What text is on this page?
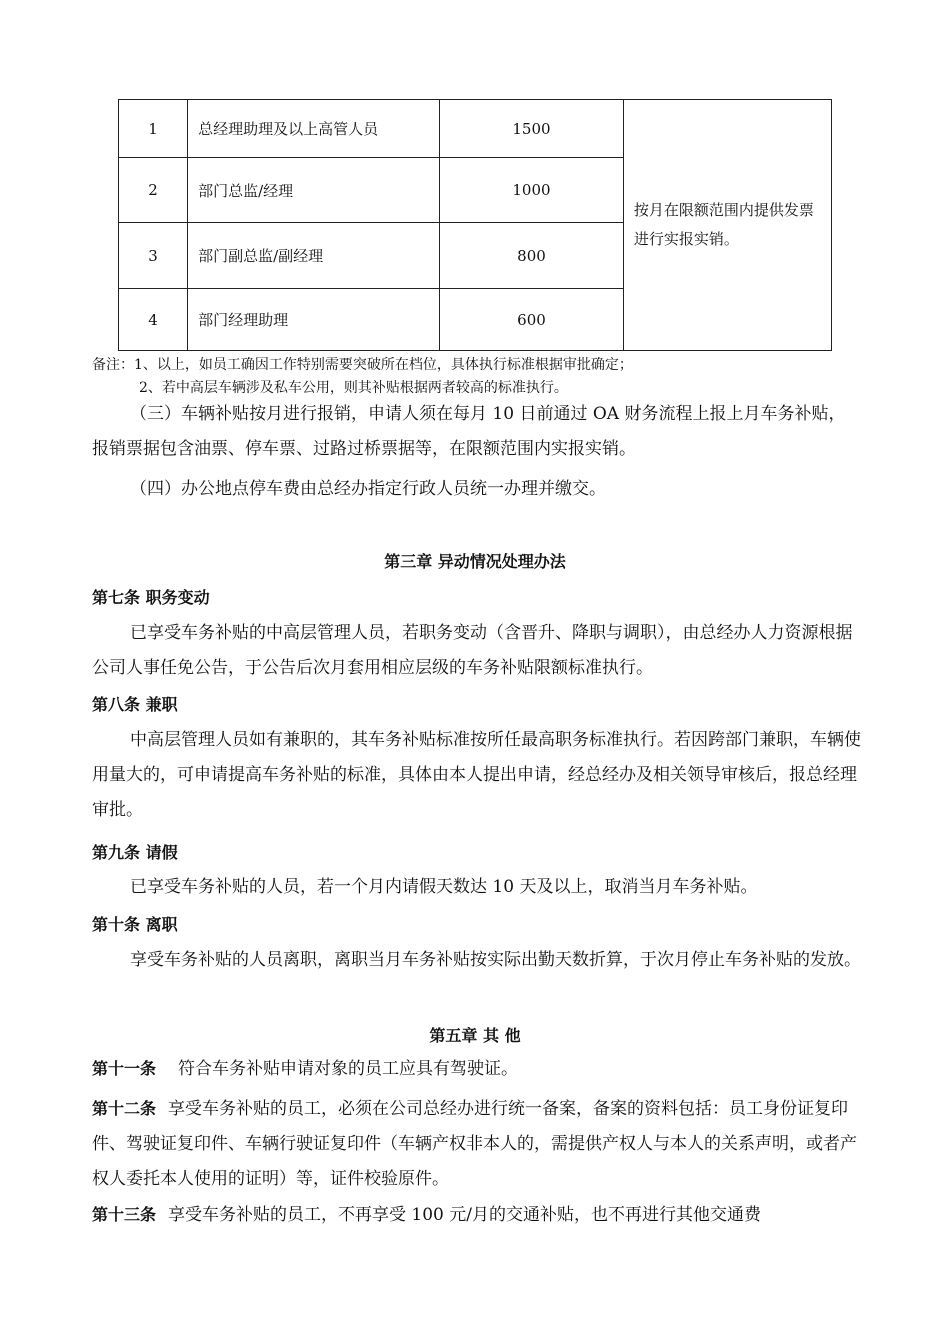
1	总经理助理及以上高管人员	1500	按月在限额范围内提供发票进行实报实销。
2	部门总监/经理	1000	
3	部门副总监/副经理	800	
4	部门经理助理	600	
备注：1、以上，如员工确因工作特别需要突破所在档位，具体执行标准根据审批确定；
2、若中高层车辆涉及私车公用，则其补贴根据两者较高的标准执行。
（三）车辆补贴按月进行报销，申请人须在每月 10 日前通过 OA 财务流程上报上月车务补贴，报销票据包含油票、停车票、过路过桥票据等，在限额范围内实报实销。
（四）办公地点停车费由总经办指定行政人员统一办理并缴交。
第三章 异动情况处理办法
第七条 职务变动
已享受车务补贴的中高层管理人员，若职务变动（含晋升、降职与调职），由总经办人力资源根据公司人事任免公告，于公告后次月套用相应层级的车务补贴限额标准执行。
第八条 兼职
中高层管理人员如有兼职的，其车务补贴标准按所任最高职务标准执行。若因跨部门兼职，车辆使用量大的，可申请提高车务补贴的标准，具体由本人提出申请，经总经办及相关领导审核后，报总经理审批。
第九条 请假
已享受车务补贴的人员，若一个月内请假天数达 10 天及以上，取消当月车务补贴。
第十条 离职
享受车务补贴的人员离职，离职当月车务补贴按实际出勤天数折算，于次月停止车务补贴的发放。
第五章 其 他
第十一条 符合车务补贴申请对象的员工应具有驾驶证。
第十二条 享受车务补贴的员工，必须在公司总经办进行统一备案，备案的资料包括：员工身份证复印件、驾驶证复印件、车辆行驶证复印件（车辆产权非本人的，需提供产权人与本人的关系声明，或者产权人委托本人使用的证明）等，证件校验原件。
第十三条 享受车务补贴的员工，不再享受 100 元/月的交通补贴，也不再进行其他交通费
